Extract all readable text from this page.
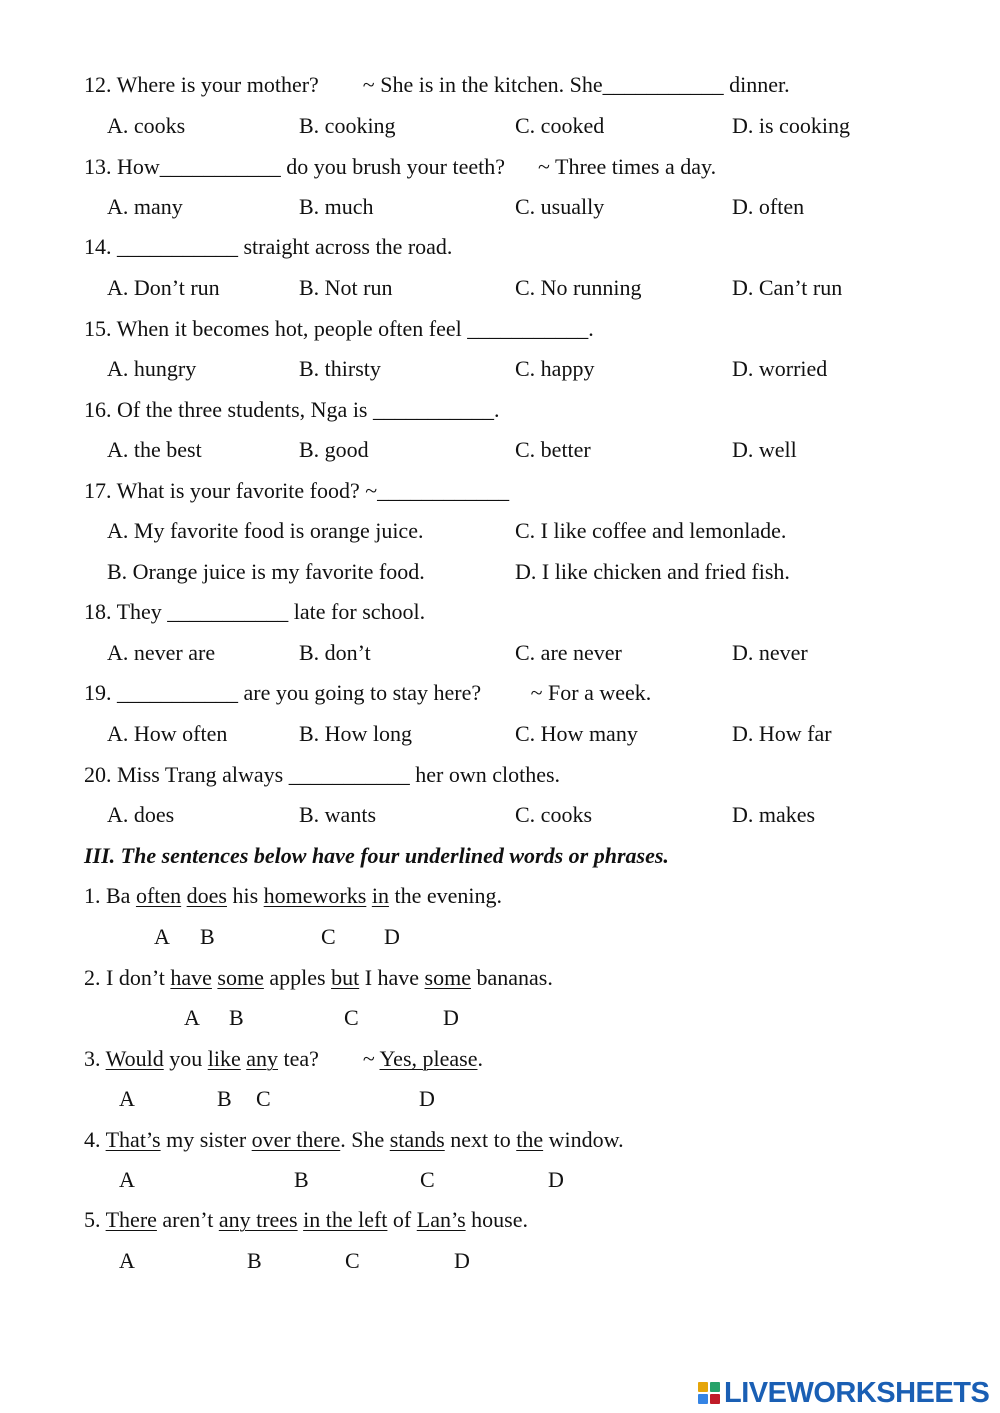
12. Where is your mother?        ~ She is in the kitchen. She___________ dinner.
A. cooks	B. cooking	C. cooked	D. is cooking
13. How___________ do you brush your teeth?      ~ Three times a day.
A. many	B. much	C. usually	D. often
14. ___________ straight across the road.
A. Don’t run	B. Not run	C. No running	D. Can’t run
15. When it becomes hot, people often feel ___________.
A. hungry	B. thirsty	C. happy	D. worried
16. Of the three students, Nga is ___________.
A. the best	B. good	C. better	D. well
17. What is your favorite food? ~____________
A. My favorite food is orange juice.	C. I like coffee and lemonlade.
B. Orange juice is my favorite food.	D. I like chicken and fried fish.
18. They ___________ late for school.
A. never are	B. don’t	C. are never	D. never
19. ___________ are you going to stay here?         ~ For a week.
A. How often	B. How long	C. How many	D. How far
20. Miss Trang always ___________ her own clothes.
A. does	B. wants	C. cooks	D. makes
III. The sentences below have four underlined words or phrases.
1. Ba often does his homeworks in the evening.
A B	C D
2. I don’t have some apples but I have some bananas.
A B	C	D
3. Would you like any tea?        ~ Yes, please.
A	B C	D
4. That’s my sister over there. She stands next to the window.
A	B	C	D
5. There aren’t any trees in the left of Lan’s house.
A	B	C	D
LIVEWORKSHEETS
